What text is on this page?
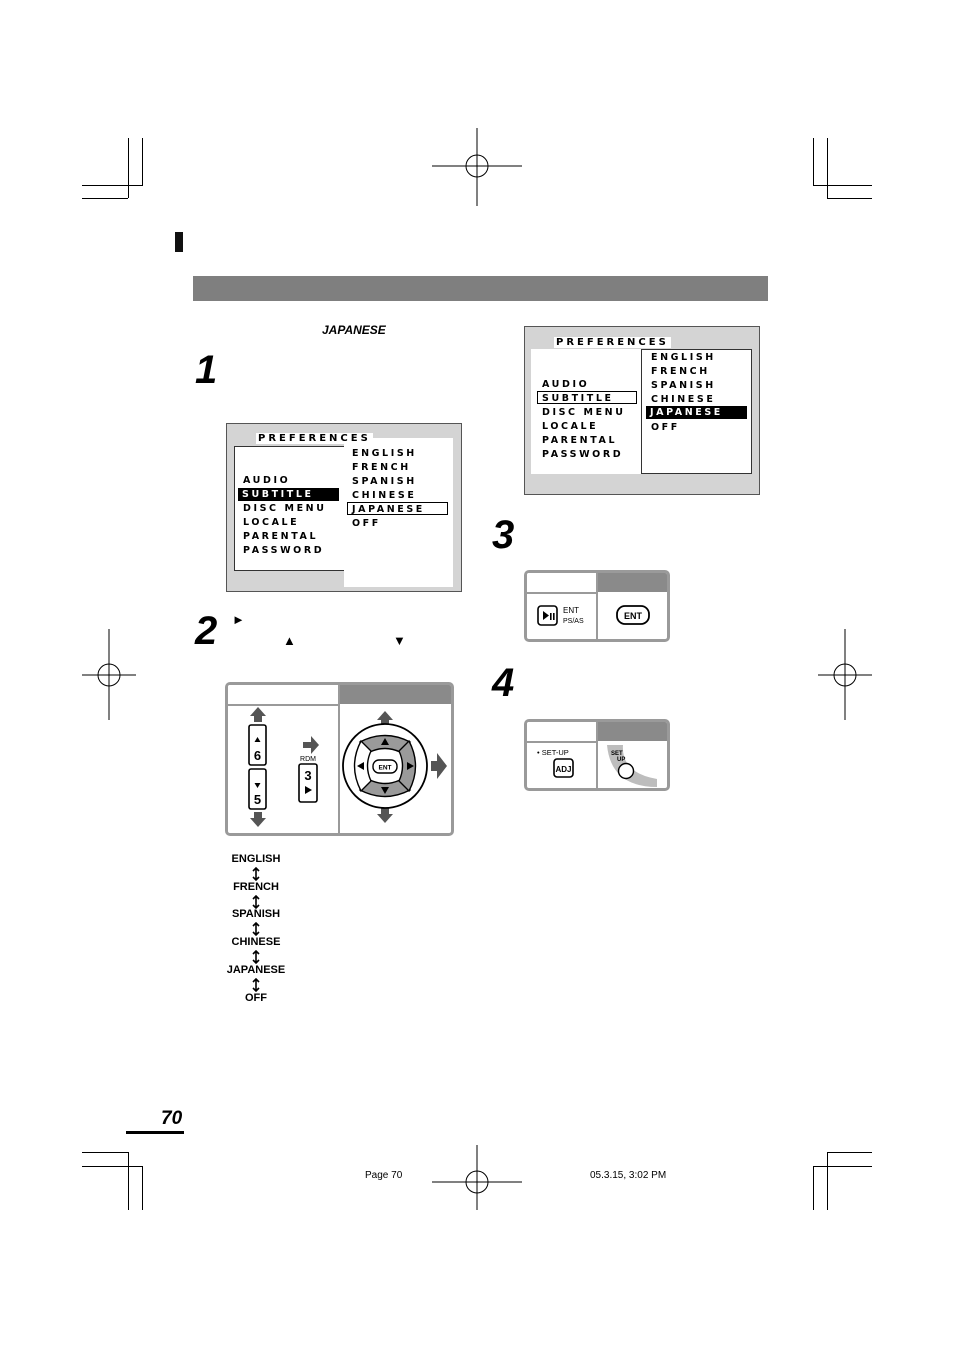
JAPANESE
1
PREFERENCES
AUDIO
SUBTITLE
DISC MENU
LOCALE
PARENTAL
PASSWORD
ENGLISH
FRENCH
SPANISH
CHINESE
JAPANESE
OFF
2 ►
▲	▼
6
5
RDM
3	ENT
ENGLISH
FRENCH
SPANISH
CHINESE
JAPANESE
OFF
PREFERENCES
AUDIO
SUBTITLE
DISC MENU
LOCALE
PARENTAL
PASSWORD
ENGLISH
FRENCH
SPANISH
CHINESE
JAPANESE
OFF
3
ENT
PS/AS
ENT
4
• SET-UP
ADJ
SET
UP
70
Page 70	05.3.15, 3:02 PM
